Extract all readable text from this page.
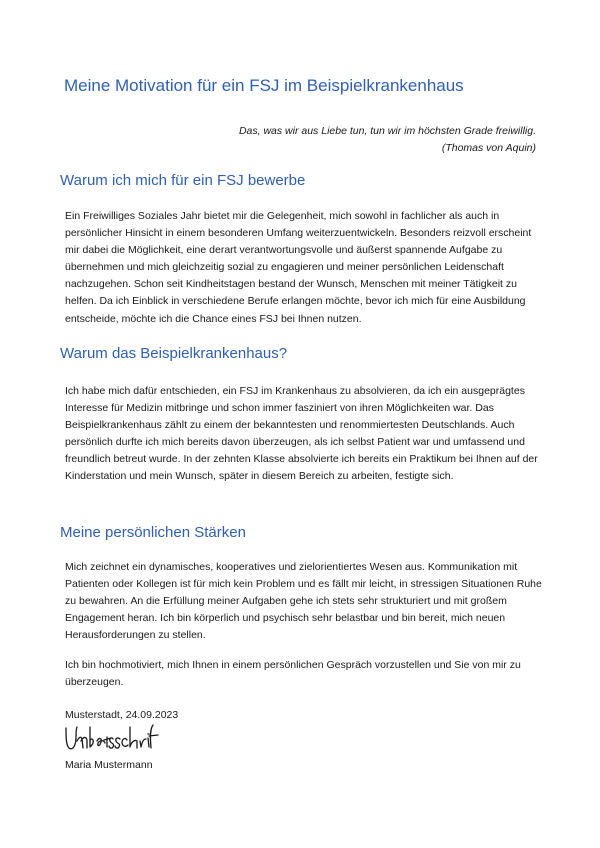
Meine Motivation für ein FSJ im Beispielkrankenhaus
Das, was wir aus Liebe tun, tun wir im höchsten Grade freiwillig.
(Thomas von Aquin)
Warum ich mich für ein FSJ bewerbe

Ein Freiwilliges Soziales Jahr bietet mir die Gelegenheit, mich sowohl in fachlicher als auch in persönlicher Hinsicht in einem besonderen Umfang weiterzuentwickeln. Besonders reizvoll erscheint mir dabei die Möglichkeit, eine derart verantwortungsvolle und äußerst spannende Aufgabe zu übernehmen und mich gleichzeitig sozial zu engagieren und meiner persönlichen Leidenschaft nachzugehen. Schon seit Kindheitstagen bestand der Wunsch, Menschen mit meiner Tätigkeit zu helfen. Da ich Einblick in verschiedene Berufe erlangen möchte, bevor ich mich für eine Ausbildung entscheide, möchte ich die Chance eines FSJ bei Ihnen nutzen.

Warum das Beispielkrankenhaus?

Ich habe mich dafür entschieden, ein FSJ im Krankenhaus zu absolvieren, da ich ein ausgeprägtes Interesse für Medizin mitbringe und schon immer fasziniert von ihren Möglichkeiten war. Das Beispielkrankenhaus zählt zu einem der bekanntesten und renommiertesten Deutschlands. Auch persönlich durfte ich mich bereits davon überzeugen, als ich selbst Patient war und umfassend und freundlich betreut wurde. In der zehnten Klasse absolvierte ich bereits ein Praktikum bei Ihnen auf der Kinderstation und mein Wunsch, später in diesem Bereich zu arbeiten, festigte sich.

Meine persönlichen Stärken

Mich zeichnet ein dynamisches, kooperatives und zielorientiertes Wesen aus. Kommunikation mit Patienten oder Kollegen ist für mich kein Problem und es fällt mir leicht, in stressigen Situationen Ruhe zu bewahren. An die Erfüllung meiner Aufgaben gehe ich stets sehr strukturiert und mit großem Engagement heran. Ich bin körperlich und psychisch sehr belastbar und bin bereit, mich neuen Herausforderungen zu stellen.

Ich bin hochmotiviert, mich Ihnen in einem persönlichen Gespräch vorzustellen und Sie von mir zu überzeugen.

Musterstadt, 24.09.2023
Maria Mustermann
